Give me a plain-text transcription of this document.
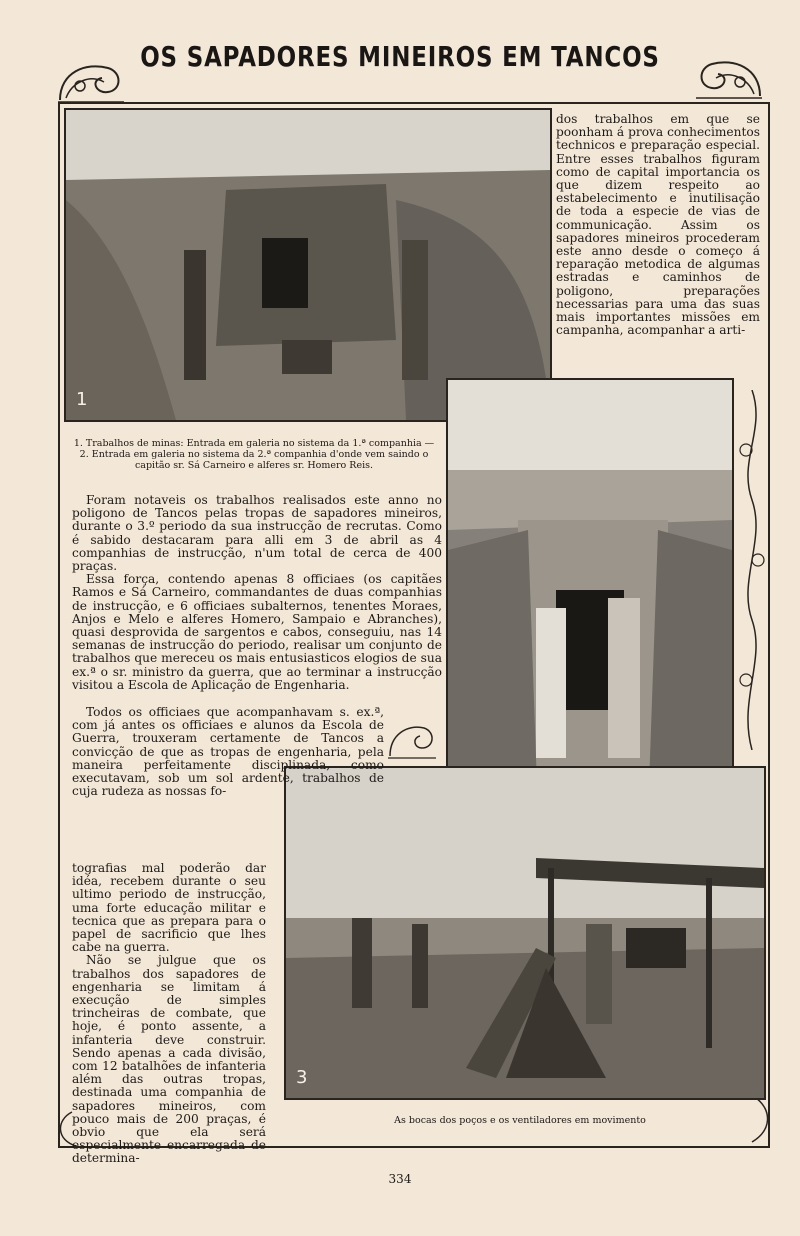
OS SAPADORES MINEIROS EM TANCOS
1
3
1. Trabalhos de minas: Entrada em galeria no sistema da 1.ª companhia — 2. Entrada em galeria no sistema da 2.ª companhia d'onde vem saindo o capitão sr. Sá Carneiro e alferes sr. Homero Reis.
As bocas dos poços e os ventiladores em movimento
dos trabalhos em que se poonham á prova conhecimentos technicos e preparação especial. Entre esses trabalhos figuram como de capital importancia os que dizem respeito ao estabelecimento e inutilisação de toda a especie de vias de communicação. Assim os sapadores mineiros procederam este anno desde o começo á reparação metodica de algumas estradas e caminhos de poligono, preparações necessarias para uma das suas mais importantes missões em campanha, acompanhar a arti-

Foram notaveis os trabalhos realisados este anno no poligono de Tancos pelas tropas de sapadores mineiros, durante o 3.º periodo da sua instrucção de recrutas. Como é sabido destacaram para alli em 3 de abril as 4 companhias de instrucção, n'um total de cerca de 400 praças.

Essa força, contendo apenas 8 officiaes (os capitães Ramos e Sá Carneiro, commandantes de duas companhias de instrucção, e 6 officiaes subalternos, tenentes Moraes, Anjos e Melo e alferes Homero, Sampaio e Abranches), quasi desprovida de sargentos e cabos, conseguiu, nas 14 semanas de instrucção do periodo, realisar um conjunto de trabalhos que mereceu os mais entusiasticos elogios de sua ex.ª o sr. ministro da guerra, que ao terminar a instrucção visitou a Escola de Aplicação de Engenharia.

Todos os officiaes que acompanhavam s. ex.ª, com já antes os officiaes e alunos da Escola de Guerra, trouxeram certamente de Tancos a convicção de que as tropas de engenharia, pela maneira perfeitamente disciplinada, como executavam, sob um sol ardente, trabalhos de cuja rudeza as nossas fo-

tografias mal poderão dar idéa, recebem durante o seu ultimo periodo de instrucção, uma forte educação militar e tecnica que as prepara para o papel de sacrificio que lhes cabe na guerra.

Não se julgue que os trabalhos dos sapadores de engenharia se limitam á execução de simples trincheiras de combate, que hoje, é ponto assente, a infanteria deve construir. Sendo apenas a cada divisão, com 12 batalhões de infanteria além das outras tropas, destinada uma companhia de sapadores mineiros, com pouco mais de 200 praças, é obvio que ela será especialmente encarregada de determina-

334
